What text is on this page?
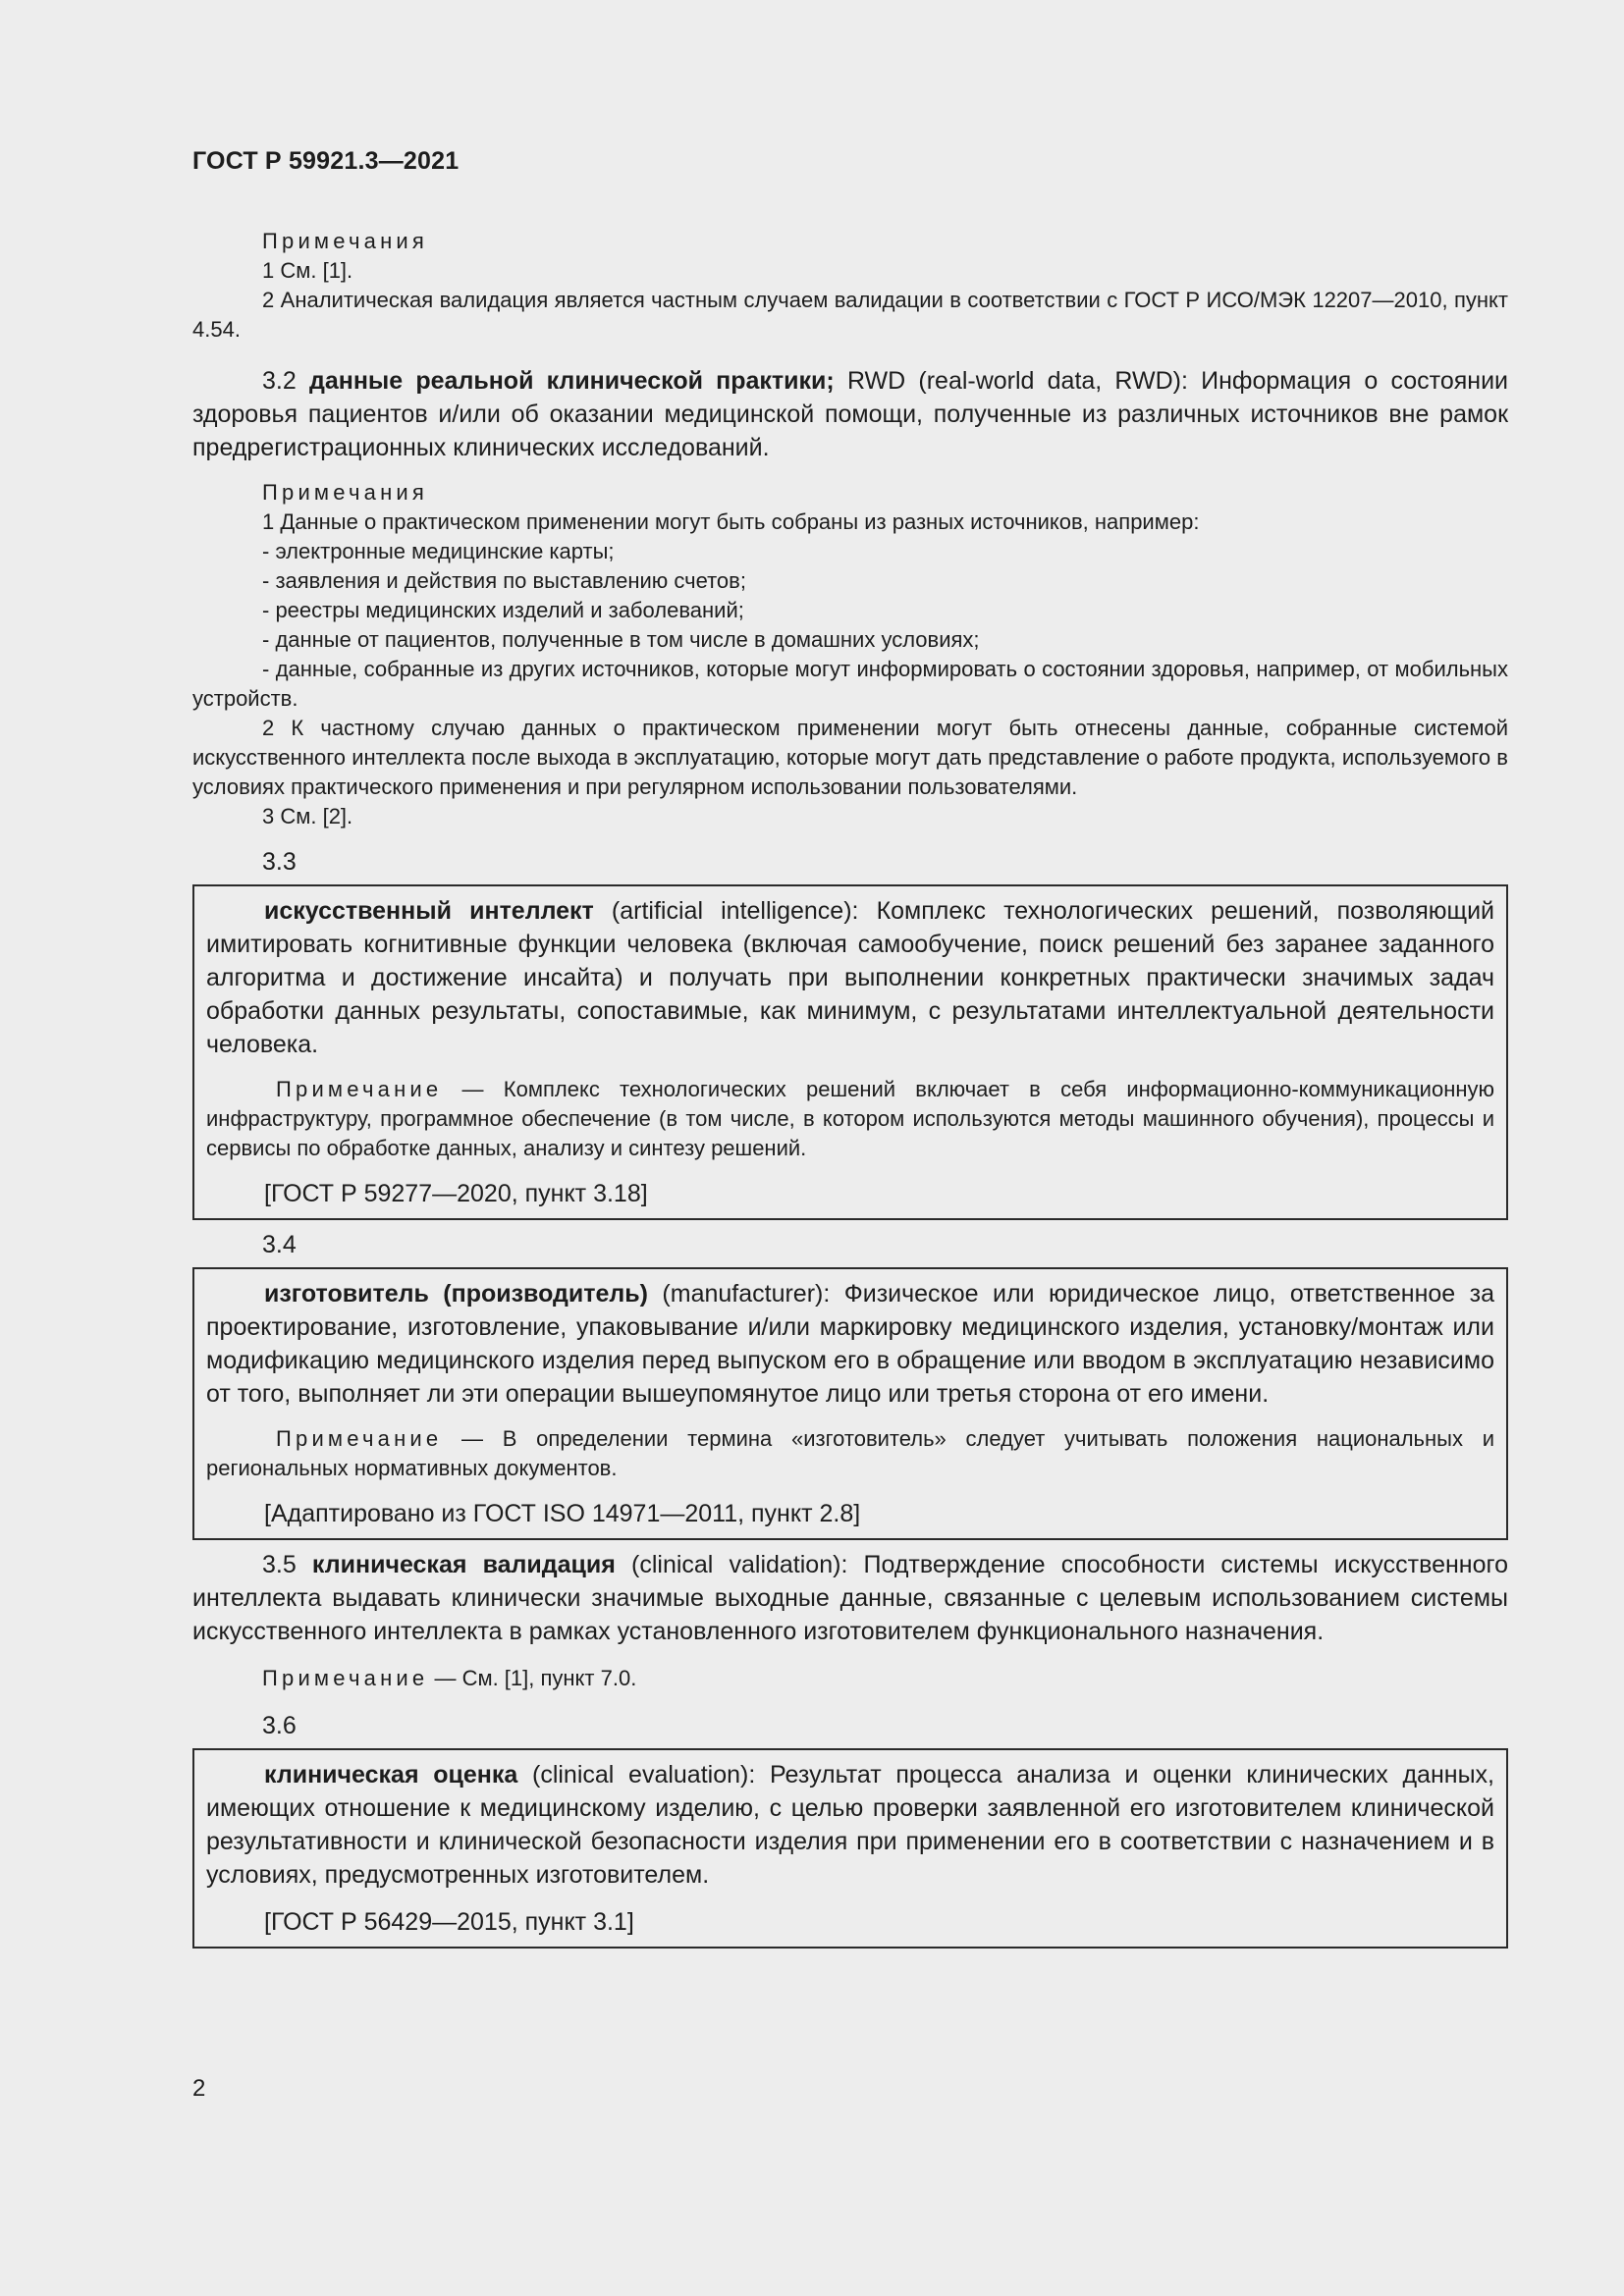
ГОСТ Р 59921.3—2021

Примечания

1 См. [1].

2 Аналитическая валидация является частным случаем валидации в соответствии с ГОСТ Р ИСО/МЭК 12207—2010, пункт 4.54.

3.2 данные реальной клинической практики; RWD (real-world data, RWD): Информация о состоянии здоровья пациентов и/или об оказании медицинской помощи, полученные из различных источников вне рамок предрегистрационных клинических исследований.

Примечания

1 Данные о практическом применении могут быть собраны из разных источников, например:

- электронные медицинские карты;

- заявления и действия по выставлению счетов;

- реестры медицинских изделий и заболеваний;

- данные от пациентов, полученные в том числе в домашних условиях;

- данные, собранные из других источников, которые могут информировать о состоянии здоровья, например, от мобильных устройств.

2 К частному случаю данных о практическом применении могут быть отнесены данные, собранные системой искусственного интеллекта после выхода в эксплуатацию, которые могут дать представление о работе продукта, используемого в условиях практического применения и при регулярном использовании пользователями.

3 См. [2].

3.3

искусственный интеллект (artificial intelligence): Комплекс технологических решений, позволяющий имитировать когнитивные функции человека (включая самообучение, поиск решений без заранее заданного алгоритма и достижение инсайта) и получать при выполнении конкретных практически значимых задач обработки данных результаты, сопоставимые, как минимум, с результатами интеллектуальной деятельности человека.

Примечание — Комплекс технологических решений включает в себя информационно-коммуникационную инфраструктуру, программное обеспечение (в том числе, в котором используются методы машинного обучения), процессы и сервисы по обработке данных, анализу и синтезу решений.

[ГОСТ Р 59277—2020, пункт 3.18]
3.4

изготовитель (производитель) (manufacturer): Физическое или юридическое лицо, ответственное за проектирование, изготовление, упаковывание и/или маркировку медицинского изделия, установку/монтаж или модификацию медицинского изделия перед выпуском его в обращение или вводом в эксплуатацию независимо от того, выполняет ли эти операции вышеупомянутое лицо или третья сторона от его имени.

Примечание — В определении термина «изготовитель» следует учитывать положения национальных и региональных нормативных документов.

[Адаптировано из ГОСТ ISO 14971—2011, пункт 2.8]

3.5 клиническая валидация (clinical validation): Подтверждение способности системы искусственного интеллекта выдавать клинически значимые выходные данные, связанные с целевым использованием системы искусственного интеллекта в рамках установленного изготовителем функционального назначения.

Примечание — См. [1], пункт 7.0.

3.6

клиническая оценка (clinical evaluation): Результат процесса анализа и оценки клинических данных, имеющих отношение к медицинскому изделию, с целью проверки заявленной его изготовителем клинической результативности и клинической безопасности изделия при применении его в соответствии с назначением и в условиях, предусмотренных изготовителем.

[ГОСТ Р 56429—2015, пункт 3.1]
2
